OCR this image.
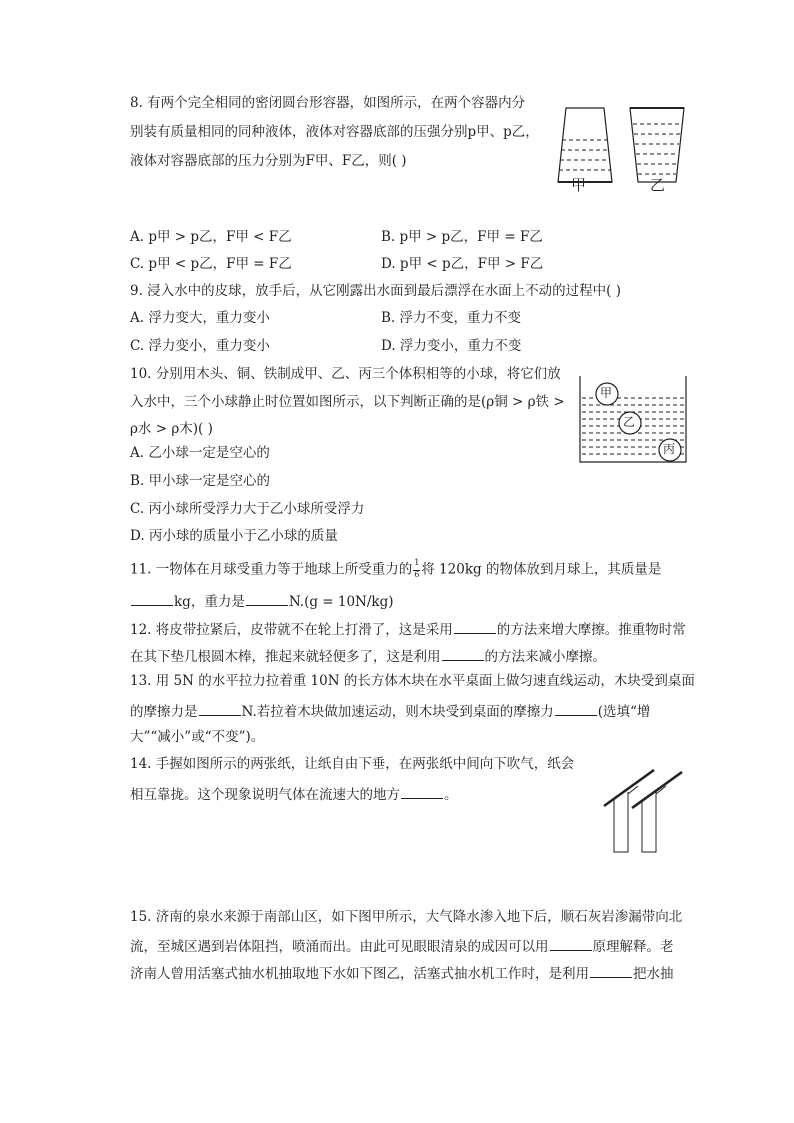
8. 有两个完全相同的密闭圆台形容器，如图所示，在两个容器内分
别装有质量相同的同种液体，液体对容器底部的压强分别p甲、p乙，
液体对容器底部的压力分别为F甲、F乙，则( )
甲	乙
A. p甲 > p乙，F甲 < F乙	B. p甲 > p乙，F甲 = F乙
C. p甲 < p乙，F甲 = F乙	D. p甲 < p乙，F甲 > F乙
9. 浸入水中的皮球，放手后，从它刚露出水面到最后漂浮在水面上不动的过程中( )
A. 浮力变大，重力变小	B. 浮力不变，重力不变
C. 浮力变小，重力变小	D. 浮力变小，重力不变
10. 分别用木头、铜、铁制成甲、乙、丙三个体积相等的小球，将它们放
入水中，三个小球静止时位置如图所示，以下判断正确的是(ρ铜 > ρ铁 >
ρ水 > ρ木)( )
甲
乙
丙
A. 乙小球一定是空心的
B. 甲小球一定是空心的
C. 丙小球所受浮力大于乙小球所受浮力
D. 丙小球的质量小于乙小球的质量
11. 一物体在月球受重力等于地球上所受重力的 $\frac{1}{6}$ 将 120kg 的物体放到月球上，其质量是
kg，重力是	N.(g = 10N/kg)
12. 将皮带拉紧后，皮带就不在轮上打滑了，这是采用	的方法来增大摩擦。推重物时常
在其下垫几根圆木棒，推起来就轻便多了，这是利用	的方法来减小摩擦。
13. 用 5N 的水平拉力拉着重 10N 的长方体木块在水平桌面上做匀速直线运动，木块受到桌面
的摩擦力是	N.若拉着木块做加速运动，则木块受到桌面的摩擦力	(选填“增
大”“减小”或“不变”)。
14. 手握如图所示的两张纸，让纸自由下垂，在两张纸中间向下吹气，纸会
相互靠拢。这个现象说明气体在流速大的地方	。
15. 济南的泉水来源于南部山区，如下图甲所示，大气降水渗入地下后，顺石灰岩渗漏带向北
流，至城区遇到岩体阻挡，喷涌而出。由此可见眼眼清泉的成因可以用	原理解释。老
济南人曾用活塞式抽水机抽取地下水如下图乙，活塞式抽水机工作时，是利用	把水抽
